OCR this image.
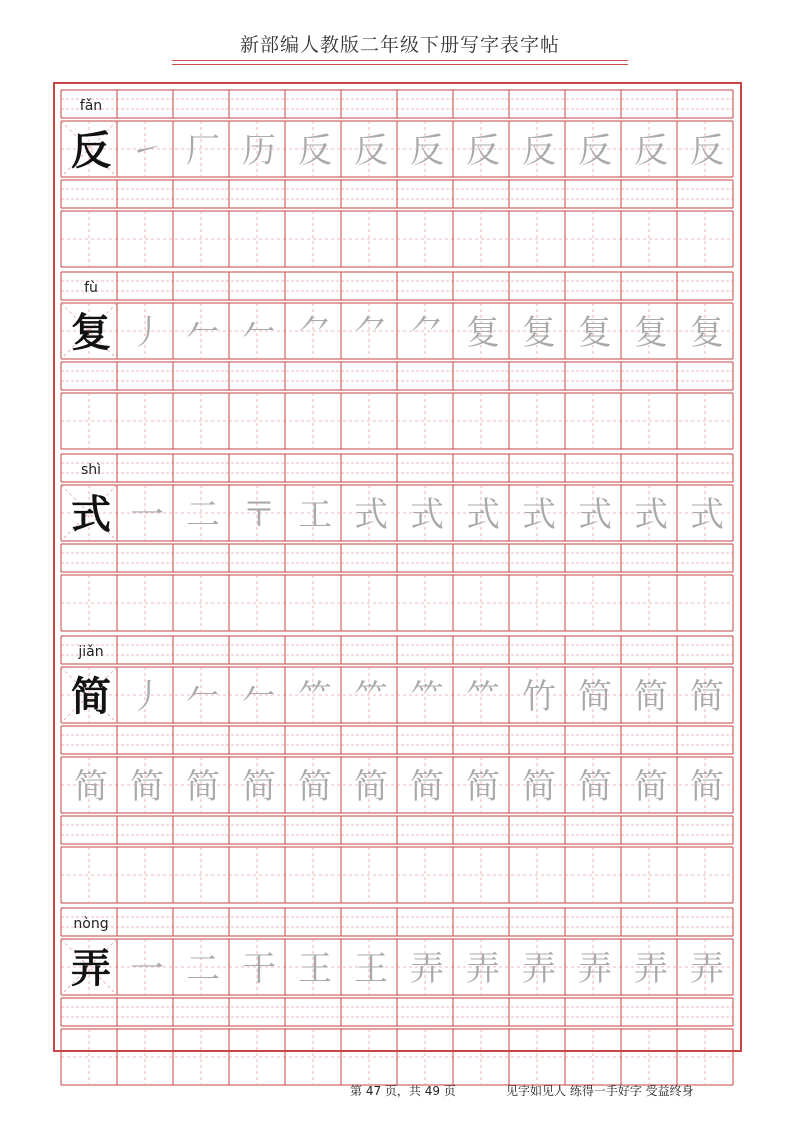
新部编人教版二年级下册写字表字帖
fǎn
反 ㇀ 厂 历 反 反 反 反 反 反 反 反
fù
复 丿 𠂉 𠂉 ⺈ ⺈ ⺈ 复 复 复 复 复
shì
式 一 二 〒 工 式 式 式 式 式 式 式
jiǎn
简 丿 𠂉 𠂉 ⺮ ⺮ ⺮ ⺮ 竹 简 简 简
简 简 简 简 简 简 简 简 简 简 简 简
nòng
弄 一 二 干 王 王 弄 弄 弄 弄 弄 弄
第 47 页，共 49 页	见字如见人 练得一手好字 受益终身
